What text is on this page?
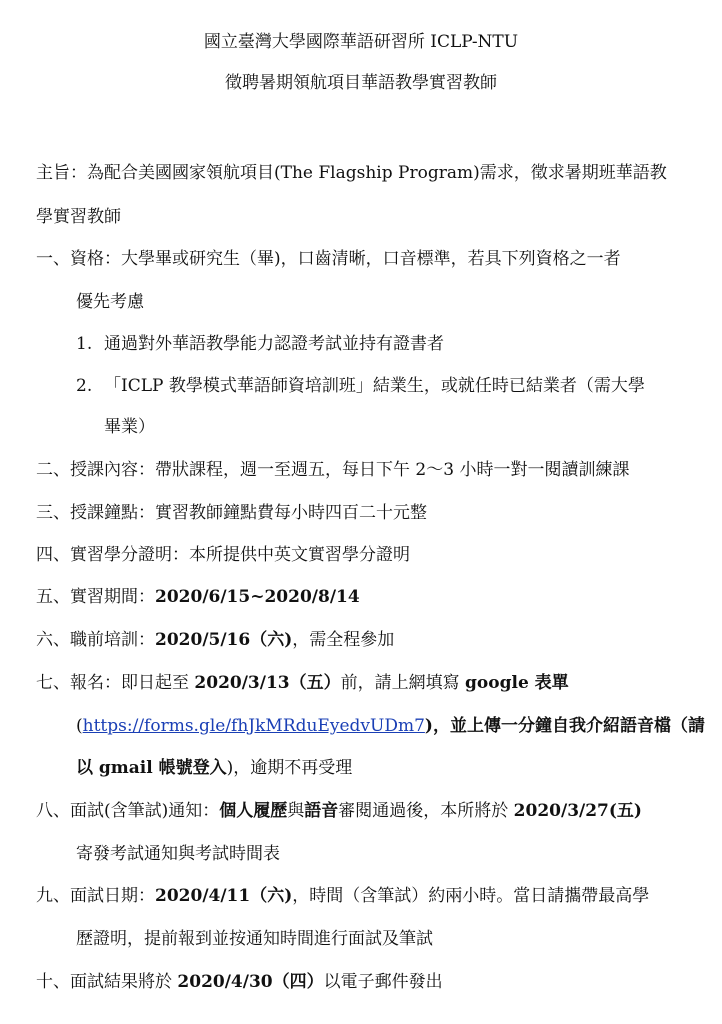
國立臺灣大學國際華語研習所 ICLP-NTU
徵聘暑期領航項目華語教學實習教師
主旨：為配合美國國家領航項目(The Flagship Program)需求，徵求暑期班華語教
學實習教師
一、資格：大學畢或研究生（畢)，口齒清晰，口音標準，若具下列資格之一者
優先考慮
1. 通過對外華語教學能力認證考試並持有證書者
2. 「ICLP 教學模式華語師資培訓班」結業生，或就任時已結業者（需大學
畢業）
二、授課內容：帶狀課程，週一至週五，每日下午 2～3 小時一對一閱讀訓練課
三、授課鐘點：實習教師鐘點費每小時四百二十元整
四、實習學分證明：本所提供中英文實習學分證明
五、實習期間：2020/6/15~2020/8/14
六、職前培訓：2020/5/16（六)，需全程參加
七、報名：即日起至 2020/3/13（五）前，請上網填寫 google 表單
(https://forms.gle/fhJkMRduEyedvUDm7)，並上傳一分鐘自我介紹語音檔（請
以 gmail 帳號登入)，逾期不再受理
八、面試(含筆試)通知：個人履歷與語音審閱通過後，本所將於 2020/3/27(五)
寄發考試通知與考試時間表
九、面試日期：2020/4/11（六)，時間（含筆試）約兩小時。當日請攜帶最高學
歷證明，提前報到並按通知時間進行面試及筆試
十、面試結果將於 2020/4/30（四）以電子郵件發出
